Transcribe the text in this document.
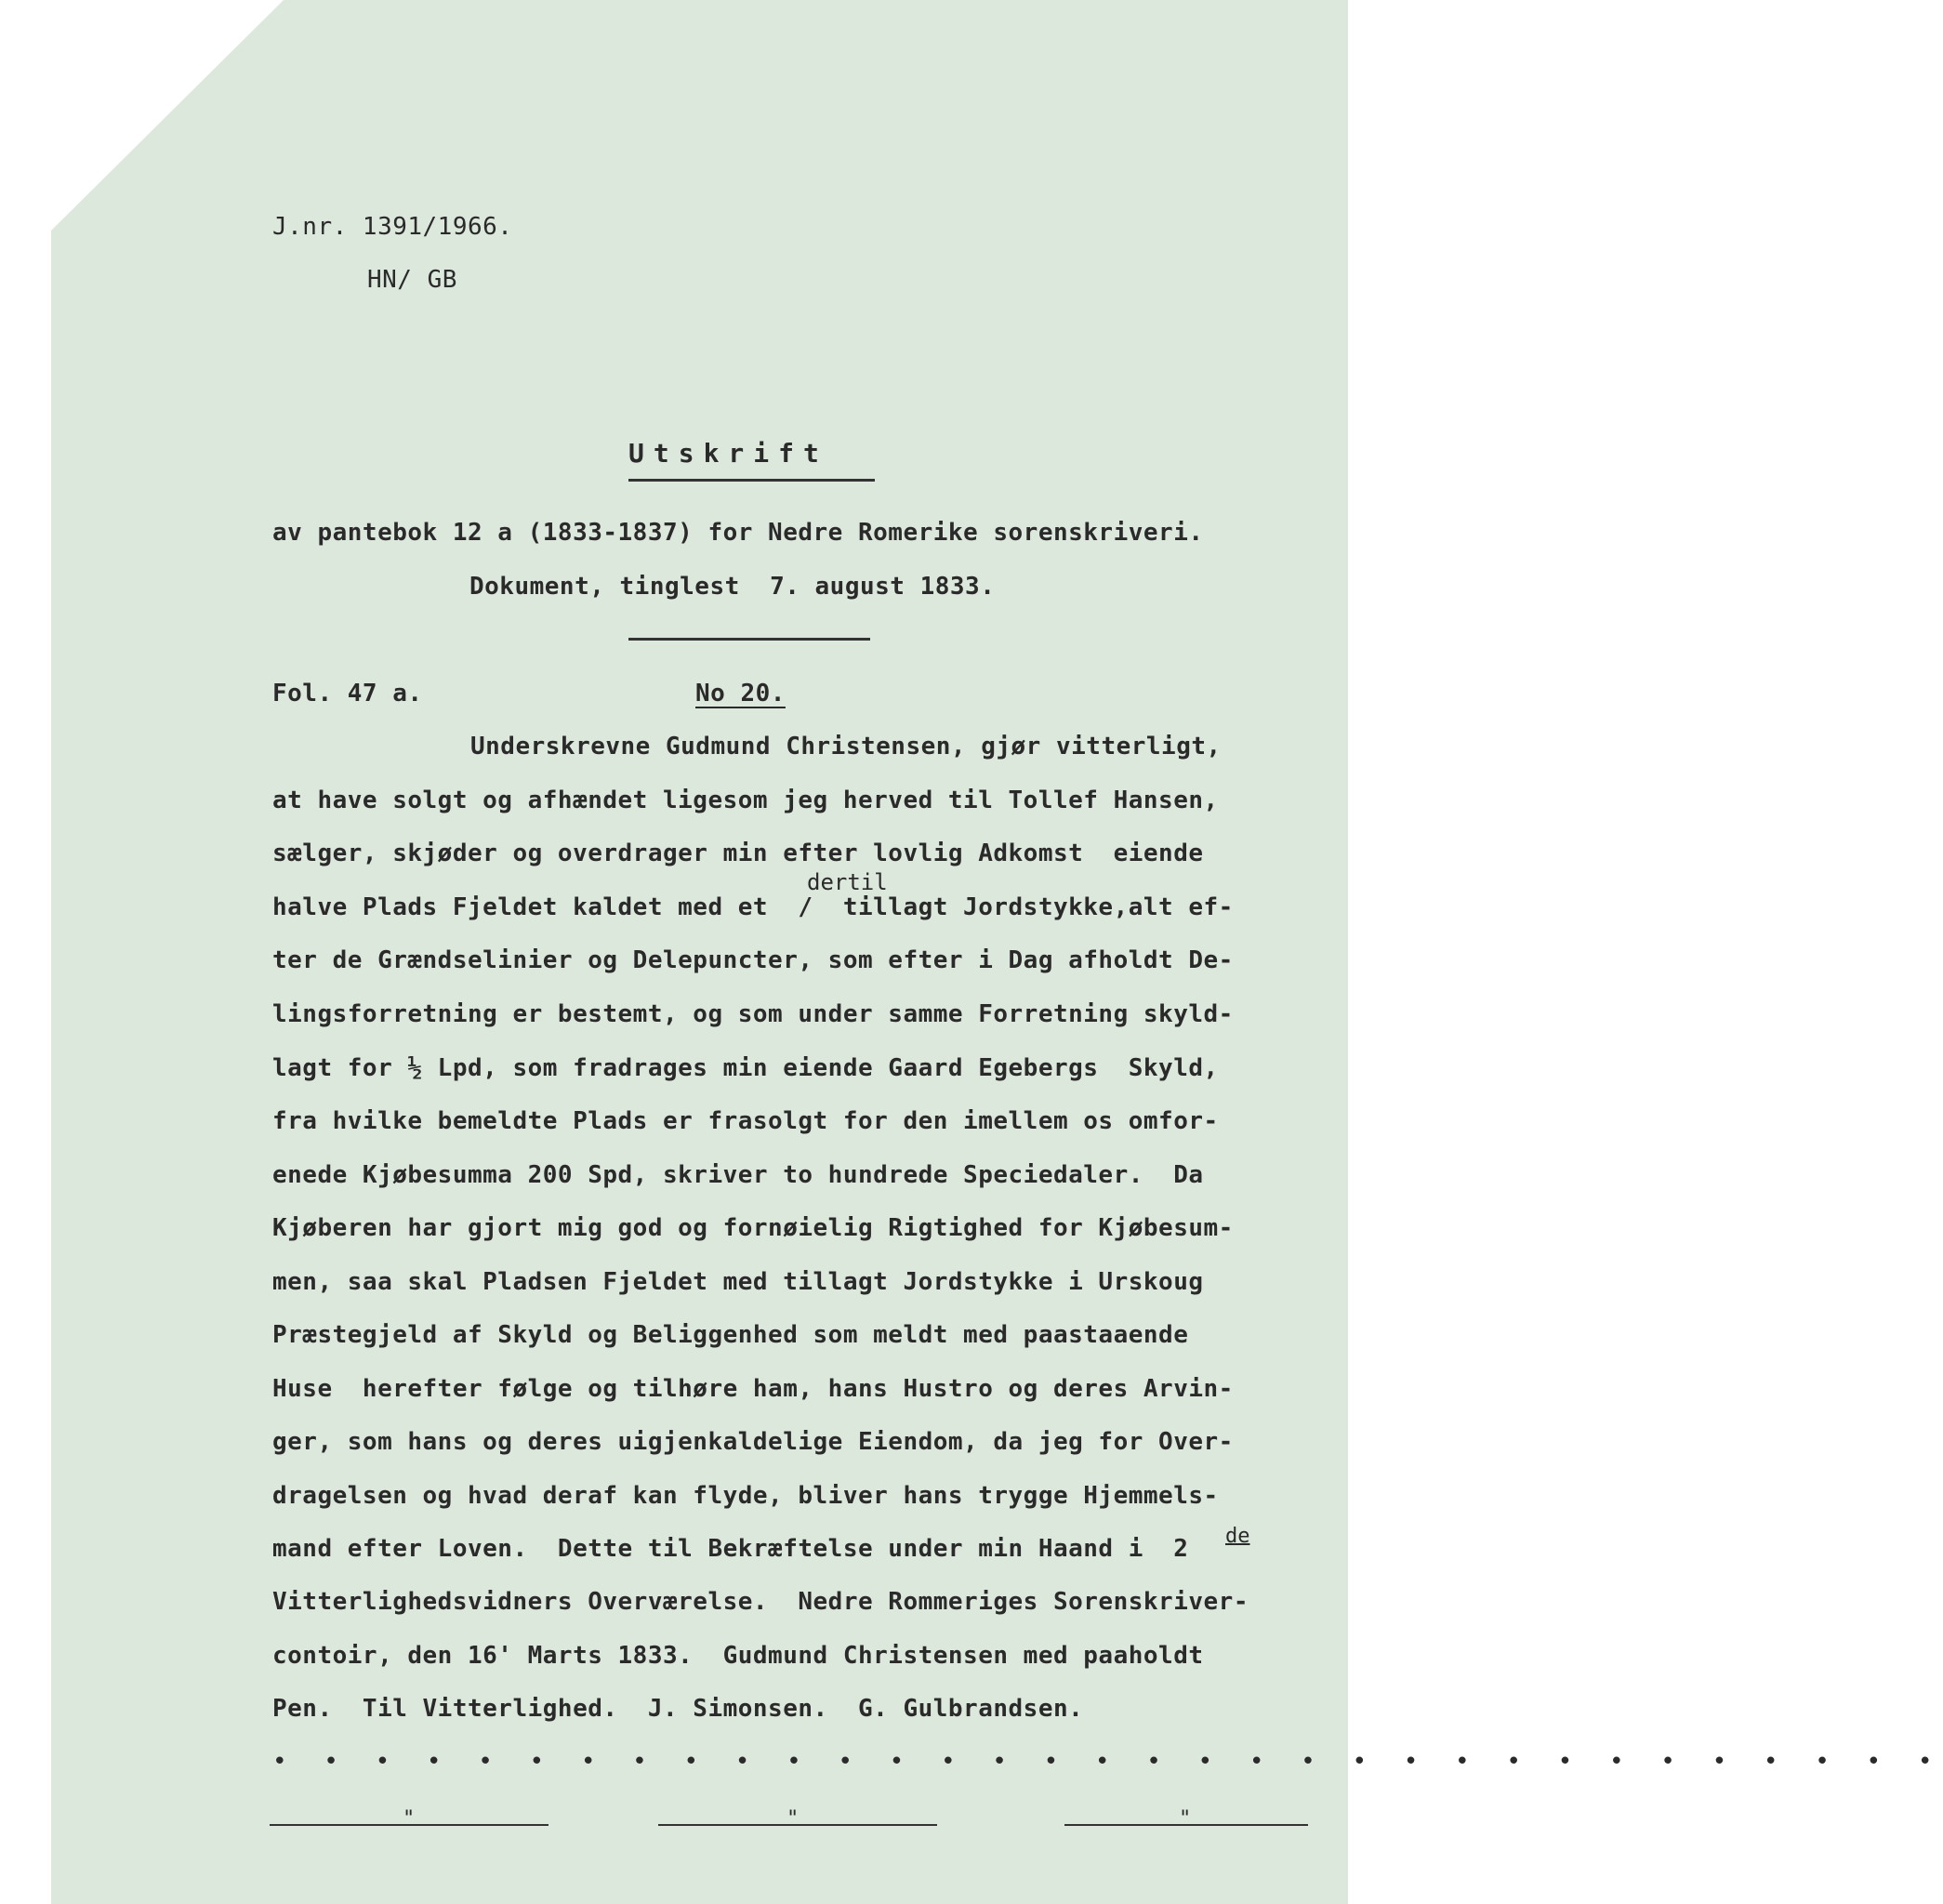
J.nr. 1391/1966.
HN/ GB
Utskrift
av pantebok 12 a (1833-1837) for Nedre Romerike sorenskriveri.
Dokument, tinglest  7. august 1833.
Fol. 47 a.	No 20.
Underskrevne Gudmund Christensen, gjør vitterligt,
at have solgt og afhændet ligesom jeg herved til Tollef Hansen,
sælger, skjøder og overdrager min efter lovlig Adkomst  eiende
dertil
halve Plads Fjeldet kaldet med et  /  tillagt Jordstykke,alt ef-
ter de Grændselinier og Delepuncter, som efter i Dag afholdt De-
lingsforretning er bestemt, og som under samme Forretning skyld-
lagt for ½ Lpd, som fradrages min eiende Gaard Egebergs  Skyld,
fra hvilke bemeldte Plads er frasolgt for den imellem os omfor-
enede Kjøbesumma 200 Spd, skriver to hundrede Speciedaler.  Da
Kjøberen har gjort mig god og fornøielig Rigtighed for Kjøbesum-
men, saa skal Pladsen Fjeldet med tillagt Jordstykke i Urskoug
Præstegjeld af Skyld og Beliggenhed som meldt med paastaaende
Huse  herefter følge og tilhøre ham, hans Hustro og deres Arvin-
ger, som hans og deres uigjenkaldelige Eiendom, da jeg for Over-
dragelsen og hvad deraf kan flyde, bliver hans trygge Hjemmels-
mand efter Loven.  Dette til Bekræftelse under min Haand i  2 de
Vitterlighedsvidners Overværelse.  Nedre Rommeriges Sorenskriver-
contoir, den 16' Marts 1833.  Gudmund Christensen med paaholdt
Pen.  Til Vitterlighed.  J. Simonsen.  G. Gulbrandsen.
• • • • • • • • • • • • • • • • • • • • • • • • • • • • • • • • •
"	"	"
